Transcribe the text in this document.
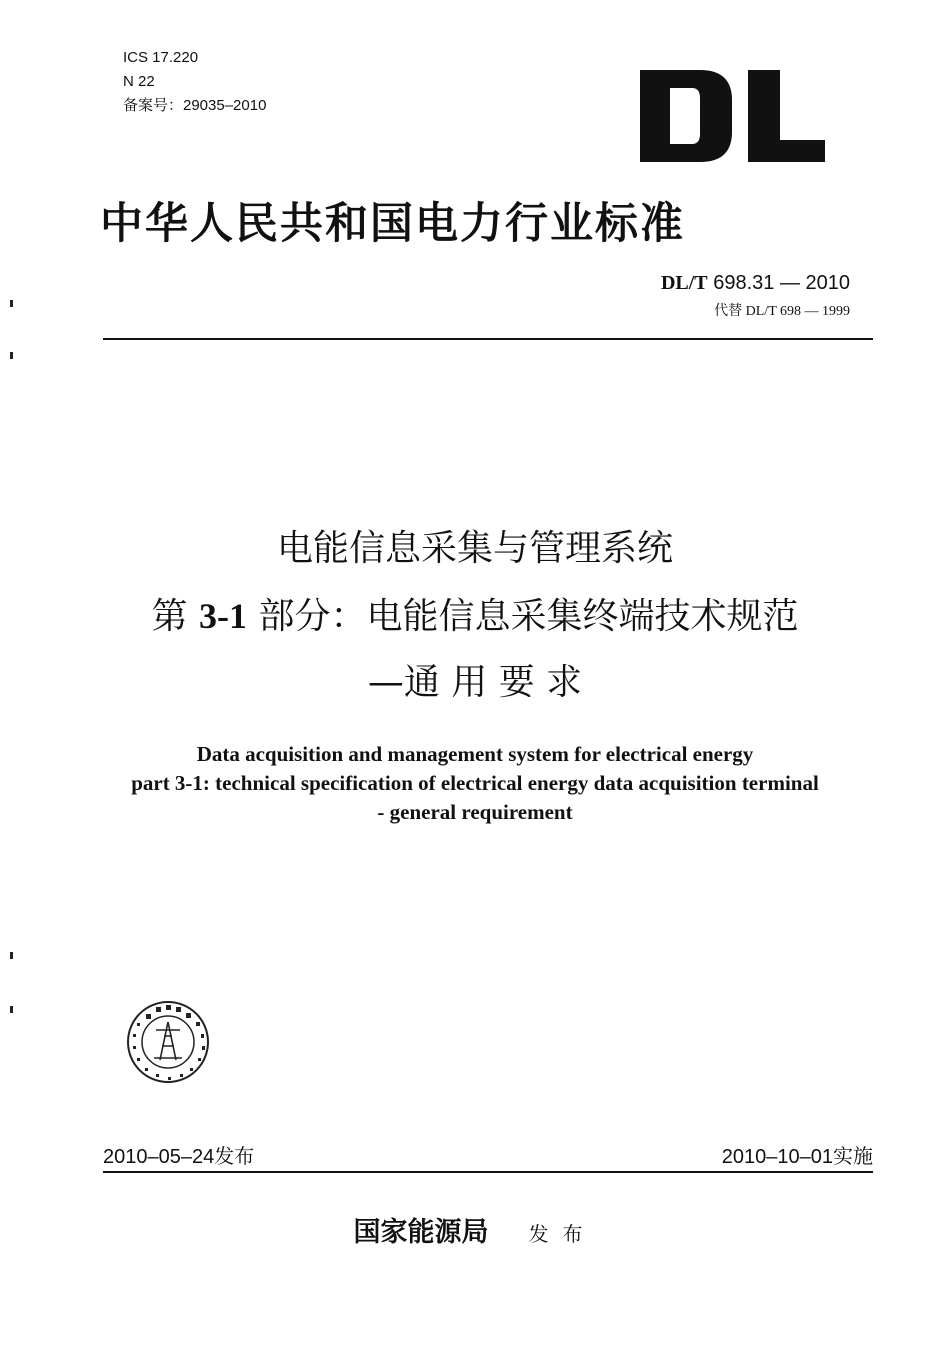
ICS 17.220
N 22
备案号：29035–2010
中华人民共和国电力行业标准
DL/T 698.31 — 2010
代替 DL/T 698 — 1999
电能信息采集与管理系统
第 3-1 部分：电能信息采集终端技术规范
—通 用 要 求
Data acquisition and management system for electrical energy
part 3-1: technical specification of electrical energy data acquisition terminal
- general requirement
2010–05–24发布	2010–10–01实施
国家能源局 发布
